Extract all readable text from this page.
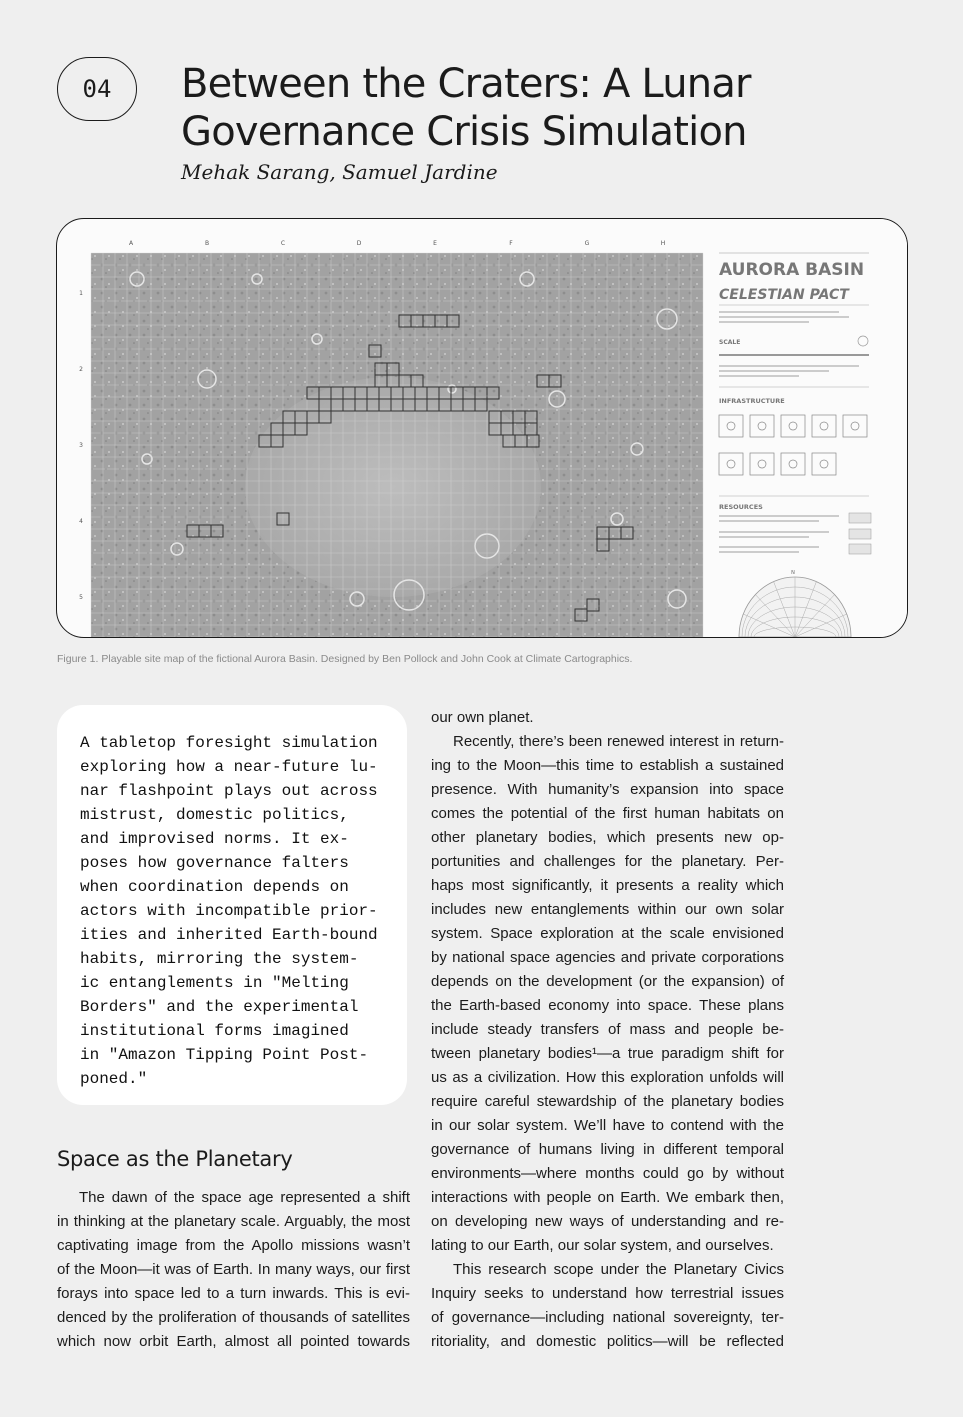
04	Between the Craters: A Lunar
Governance Crisis Simulation
Mehak Sarang, Samuel Jardine
A	B	C	D	E	F	G	H
1
2
3
4
5
AURORA BASIN
CELESTIAN PACT
SCALE
INFRASTRUCTURE
RESOURCES
N
Figure 1. Playable site map of the fictional Aurora Basin. Designed by Ben Pollock and John Cook at Climate Cartographics.
A tabletop foresight simulation
exploring how a near-future lu-
nar flashpoint plays out across
mistrust, domestic politics,
and improvised norms. It ex-
poses how governance falters
when coordination depends on
actors with incompatible prior-
ities and inherited Earth-bound
habits, mirroring the system-
ic entanglements in "Melting
Borders" and the experimental
institutional forms imagined
in "Amazon Tipping Point Post-
poned."
Space as the Planetary
The dawn of the space age represented a shift
in thinking at the planetary scale. Arguably, the most
captivating image from the Apollo missions wasn’t
of the Moon—it was of Earth. In many ways, our first
forays into space led to a turn inwards. This is evi-
denced by the proliferation of thousands of satellites
which now orbit Earth, almost all pointed towards
our own planet.
Recently, there’s been renewed interest in return-
ing to the Moon—this time to establish a sustained
presence. With humanity’s expansion into space
comes the potential of the first human habitats on
other planetary bodies, which presents new op-
portunities and challenges for the planetary. Per-
haps most significantly, it presents a reality which
includes new entanglements within our own solar
system. Space exploration at the scale envisioned
by national space agencies and private corporations
depends on the development (or the expansion) of
the Earth-based economy into space. These plans
include steady transfers of mass and people be-
tween planetary bodies¹—a true paradigm shift for
us as a civilization. How this exploration unfolds will
require careful stewardship of the planetary bodies
in our solar system. We’ll have to contend with the
governance of humans living in different temporal
environments—where months could go by without
interactions with people on Earth. We embark then,
on developing new ways of understanding and re-
lating to our Earth, our solar system, and ourselves.
This research scope under the Planetary Civics
Inquiry seeks to understand how terrestrial issues
of governance—including national sovereignty, ter-
ritoriality, and domestic politics—will be reflected
